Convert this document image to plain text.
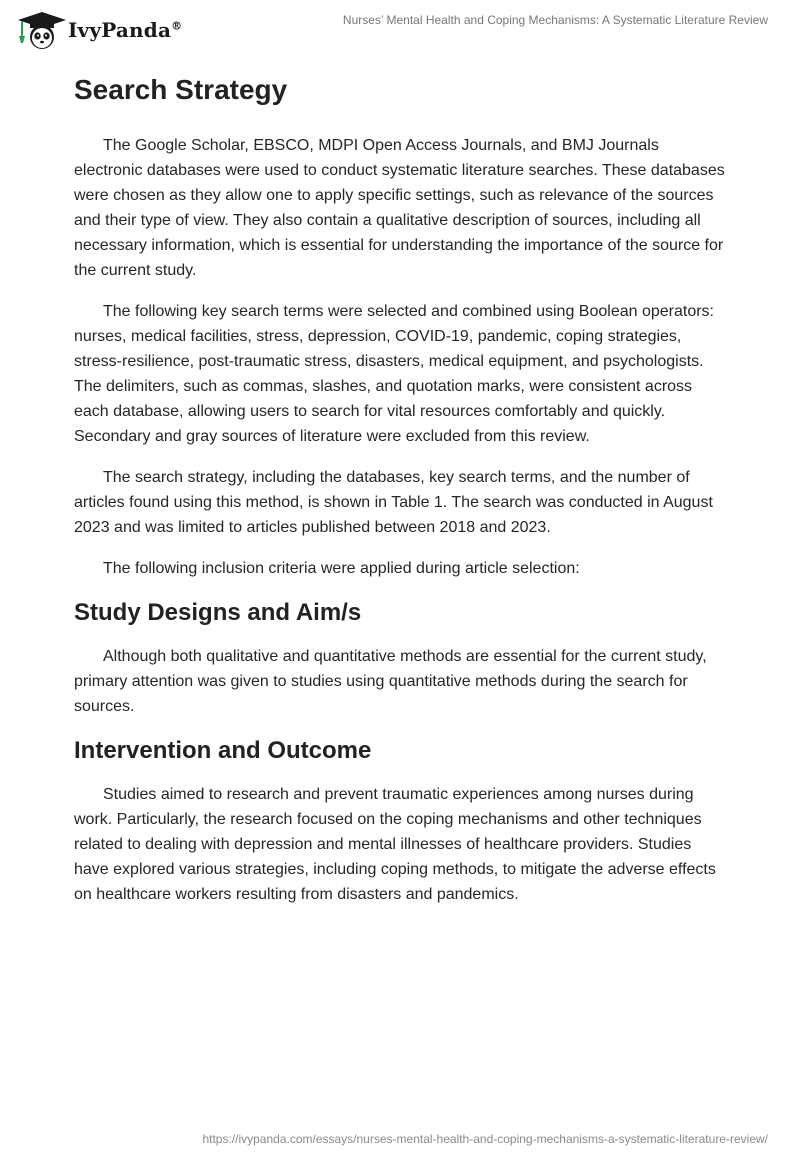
IvyPanda®	Nurses’ Mental Health and Coping Mechanisms: A Systematic Literature Review
Search Strategy

The Google Scholar, EBSCO, MDPI Open Access Journals, and BMJ Journals electronic databases were used to conduct systematic literature searches. These databases were chosen as they allow one to apply specific settings, such as relevance of the sources and their type of view. They also contain a qualitative description of sources, including all necessary information, which is essential for understanding the importance of the source for the current study.

The following key search terms were selected and combined using Boolean operators: nurses, medical facilities, stress, depression, COVID-19, pandemic, coping strategies, stress-resilience, post-traumatic stress, disasters, medical equipment, and psychologists. The delimiters, such as commas, slashes, and quotation marks, were consistent across each database, allowing users to search for vital resources comfortably and quickly. Secondary and gray sources of literature were excluded from this review.

The search strategy, including the databases, key search terms, and the number of articles found using this method, is shown in Table 1. The search was conducted in August 2023 and was limited to articles published between 2018 and 2023.

The following inclusion criteria were applied during article selection:

Study Designs and Aim/s

Although both qualitative and quantitative methods are essential for the current study, primary attention was given to studies using quantitative methods during the search for sources.

Intervention and Outcome

Studies aimed to research and prevent traumatic experiences among nurses during work. Particularly, the research focused on the coping mechanisms and other techniques related to dealing with depression and mental illnesses of healthcare providers. Studies have explored various strategies, including coping methods, to mitigate the adverse effects on healthcare workers resulting from disasters and pandemics.

https://ivypanda.com/essays/nurses-mental-health-and-coping-mechanisms-a-systematic-literature-review/
